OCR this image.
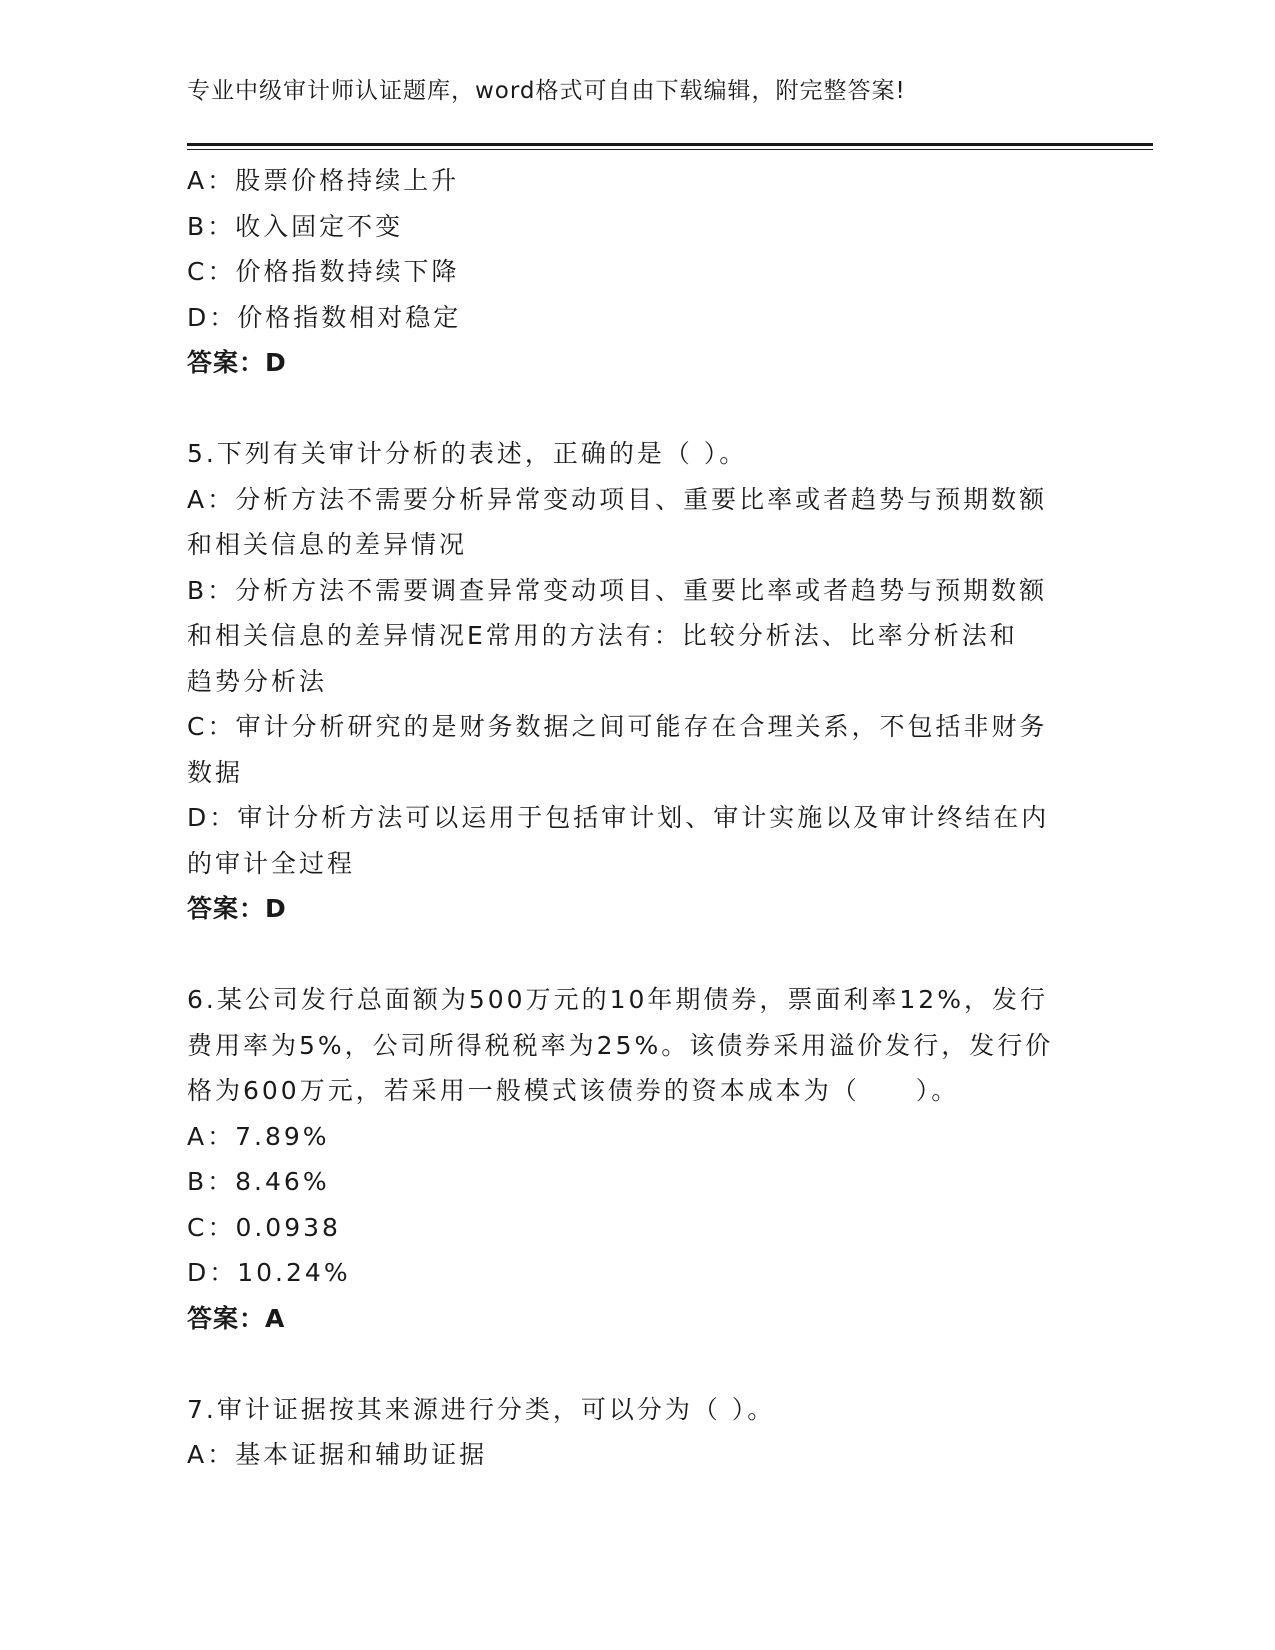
专业中级审计师认证题库，word格式可自由下载编辑，附完整答案!
A：股票价格持续上升
B：收入固定不变
C：价格指数持续下降
D：价格指数相对稳定
答案：D
5.下列有关审计分析的表述，正确的是（ ）。
A：分析方法不需要分析异常变动项目、重要比率或者趋势与预期数额
和相关信息的差异情况
B：分析方法不需要调查异常变动项目、重要比率或者趋势与预期数额
和相关信息的差异情况E常用的方法有：比较分析法、比率分析法和
趋势分析法
C：审计分析研究的是财务数据之间可能存在合理关系，不包括非财务
数据
D：审计分析方法可以运用于包括审计划、审计实施以及审计终结在内
的审计全过程
答案：D
6.某公司发行总面额为500万元的10年期债券，票面利率12%，发行
费用率为5%，公司所得税税率为25%。该债券采用溢价发行，发行价
格为600万元，若采用一般模式该债券的资本成本为（　　）。
A：7.89%
B：8.46%
C：0.0938
D：10.24%
答案：A
7.审计证据按其来源进行分类，可以分为（ ）。
A：基本证据和辅助证据
